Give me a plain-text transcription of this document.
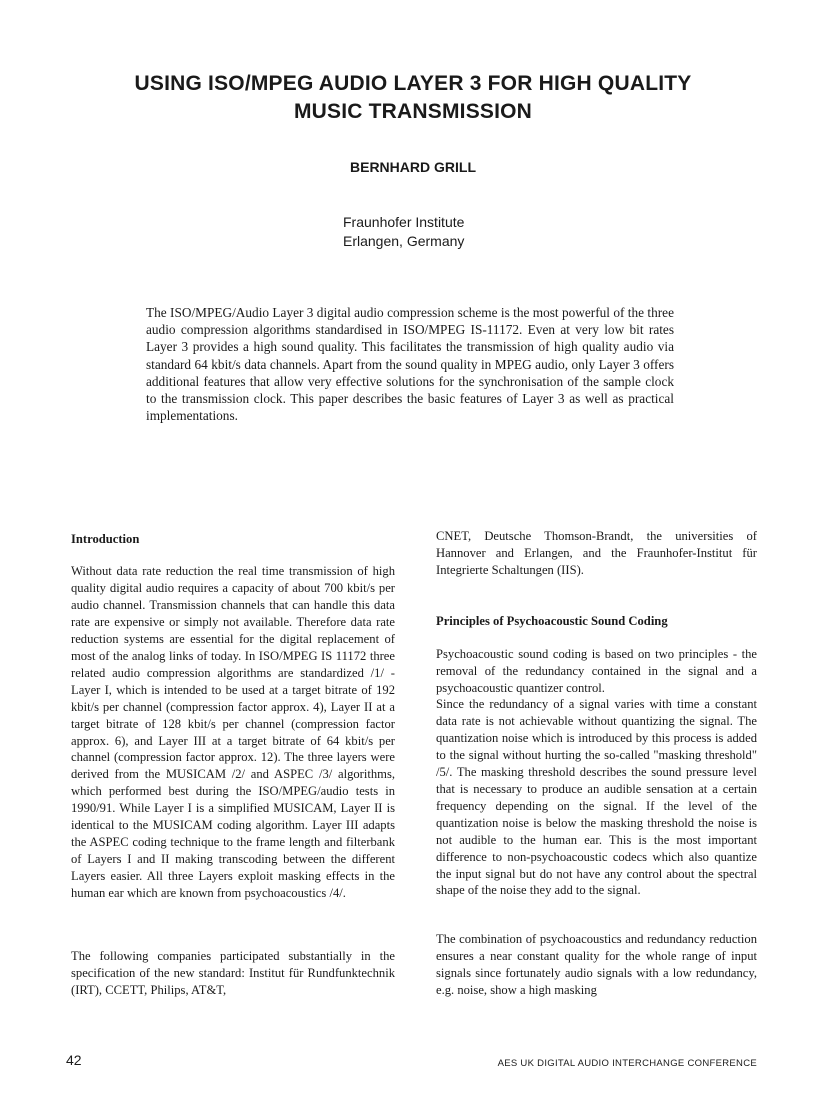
USING ISO/MPEG AUDIO LAYER 3 FOR HIGH QUALITY
MUSIC TRANSMISSION
BERNHARD GRILL
Fraunhofer Institute
Erlangen, Germany

The ISO/MPEG/Audio Layer 3 digital audio compression scheme is the most powerful of the three audio compression algorithms standardised in ISO/MPEG IS-11172. Even at very low bit rates Layer 3 provides a high sound quality. This facilitates the transmission of high quality audio via standard 64 kbit/s data channels. Apart from the sound quality in MPEG audio, only Layer 3 offers additional features that allow very effective solutions for the synchronisation of the sample clock to the transmission clock. This paper describes the basic features of Layer 3 as well as practical implementations.

Introduction

Without data rate reduction the real time transmission of high quality digital audio requires a capacity of about 700 kbit/s per audio channel. Transmission channels that can handle this data rate are expensive or simply not available. Therefore data rate reduction systems are essential for the digital replacement of most of the analog links of today. In ISO/MPEG IS 11172 three related audio compression algorithms are standardized /1/ - Layer I, which is intended to be used at a target bitrate of 192 kbit/s per channel (compression factor approx. 4), Layer II at a target bitrate of 128 kbit/s per channel (compression factor approx. 6), and Layer III at a target bitrate of 64 kbit/s per channel (compression factor approx. 12). The three layers were derived from the MUSICAM /2/ and ASPEC /3/ algorithms, which performed best during the ISO/MPEG/audio tests in 1990/91. While Layer I is a simplified MUSICAM, Layer II is identical to the MUSICAM coding algorithm. Layer III adapts the ASPEC coding technique to the frame length and filterbank of Layers I and II making transcoding between the different Layers easier. All three Layers exploit masking effects in the human ear which are known from psychoacoustics /4/.

The following companies participated substantially in the specification of the new standard: Institut für Rundfunktechnik (IRT), CCETT, Philips, AT&T,

CNET, Deutsche Thomson-Brandt, the universities of Hannover and Erlangen, and the Fraunhofer-Institut für Integrierte Schaltungen (IIS).

Principles of Psychoacoustic Sound Coding

Psychoacoustic sound coding is based on two principles - the removal of the redundancy contained in the signal and a psychoacoustic quantizer control.

Since the redundancy of a signal varies with time a constant data rate is not achievable without quantizing the signal. The quantization noise which is introduced by this process is added to the signal without hurting the so-called "masking threshold" /5/. The masking threshold describes the sound pressure level that is necessary to produce an audible sensation at a certain frequency depending on the signal. If the level of the quantization noise is below the masking threshold the noise is not audible to the human ear. This is the most important difference to non-psychoacoustic codecs which also quantize the input signal but do not have any control about the spectral shape of the noise they add to the signal.

The combination of psychoacoustics and redundancy reduction ensures a near constant quality for the whole range of input signals since fortunately audio signals with a low redundancy, e.g. noise, show a high masking

42	AES UK DIGITAL AUDIO INTERCHANGE CONFERENCE
